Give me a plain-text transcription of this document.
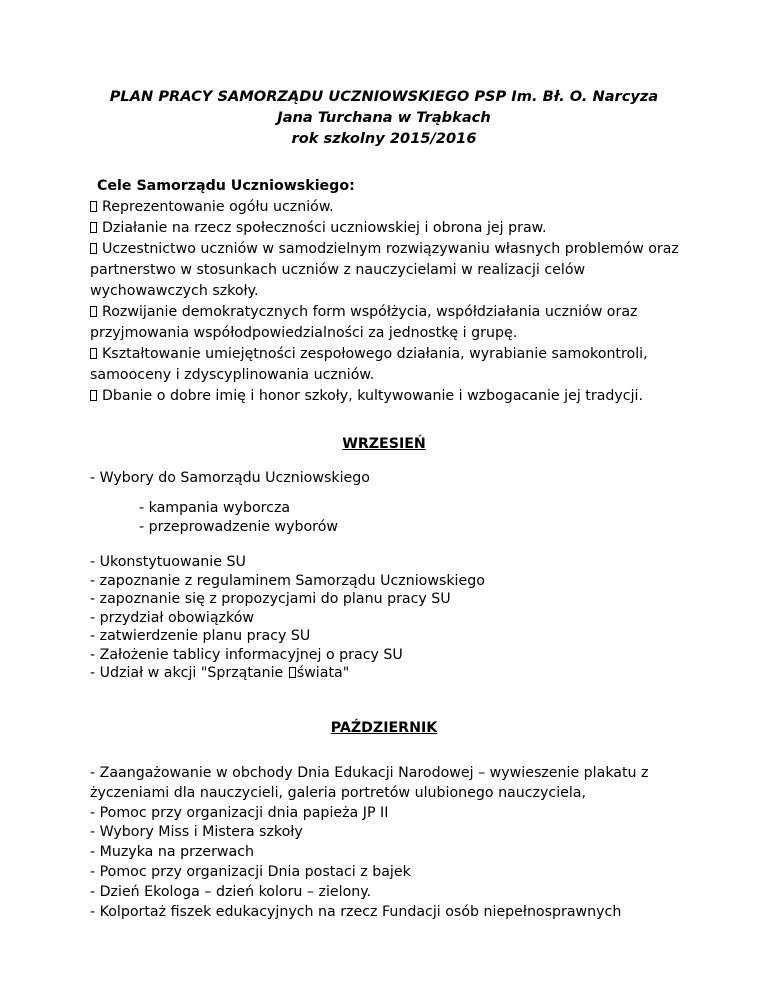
PLAN PRACY SAMORZĄDU UCZNIOWSKIEGO PSP Im. Bł. O. Narcyza
Jana Turchana w Trąbkach
rok szkolny 2015/2016
Cele Samorządu Uczniowskiego:
Reprezentowanie ogółu uczniów.
Działanie na rzecz społeczności uczniowskiej i obrona jej praw.
Uczestnictwo uczniów w samodzielnym rozwiązywaniu własnych problemów oraz
partnerstwo w stosunkach uczniów z nauczycielami w realizacji celów
wychowawczych szkoły.
Rozwijanie demokratycznych form współżycia, współdziałania uczniów oraz
przyjmowania współodpowiedzialności za jednostkę i grupę.
Kształtowanie umiejętności zespołowego działania, wyrabianie samokontroli,
samooceny i zdyscyplinowania uczniów.
Dbanie o dobre imię i honor szkoły, kultywowanie i wzbogacanie jej tradycji.
WRZESIEŃ
- Wybory do Samorządu Uczniowskiego
- kampania wyborcza
- przeprowadzenie wyborów
- Ukonstytuowanie SU
- zapoznanie z regulaminem Samorządu Uczniowskiego
- zapoznanie się z propozycjami do planu pracy SU
- przydział obowiązków
- zatwierdzenie planu pracy SU
- Założenie tablicy informacyjnej o pracy SU
- Udział w akcji "Sprzątanie świata"
PAŹDZIERNIK
- Zaangażowanie w obchody Dnia Edukacji Narodowej – wywieszenie plakatu z
życzeniami dla nauczycieli, galeria portretów ulubionego nauczyciela,
- Pomoc przy organizacji dnia papieża JP II
- Wybory Miss i Mistera szkoły
- Muzyka na przerwach
- Pomoc przy organizacji Dnia postaci z bajek
- Dzień Ekologa – dzień koloru – zielony.
- Kolportaż fiszek edukacyjnych na rzecz Fundacji osób niepełnosprawnych
